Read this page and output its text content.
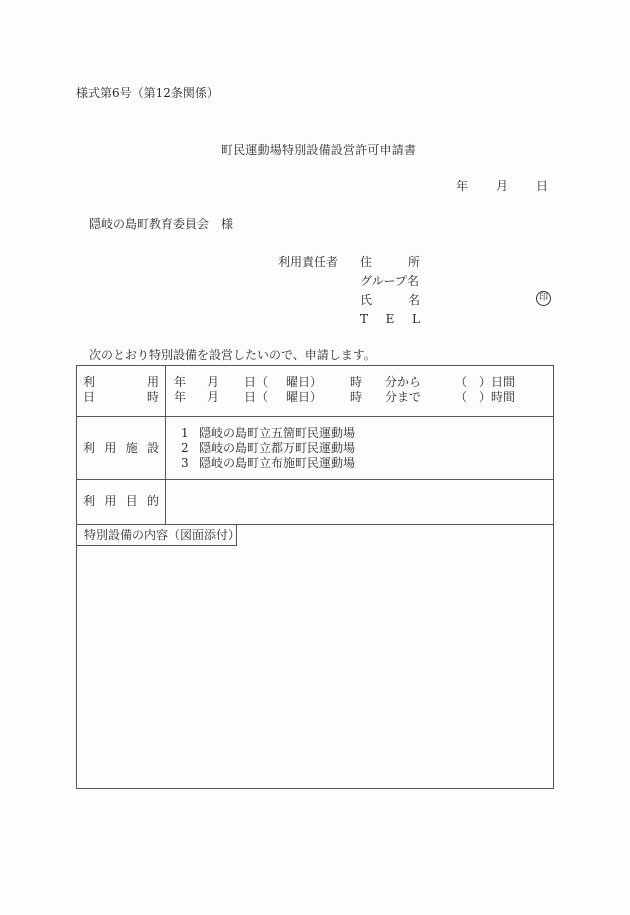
様式第6号（第12条関係）
町民運動場特別設備設営許可申請書
年 月 日
隠岐の島町教育委員会 様
利用責任者 住	所
グループ名
氏	名
T E L
印
次のとおり特別設備を設営したいので、申請します。
利	用
日	時
年	月	日（	曜日）	時	分から	（ ）日間
年	月	日（	曜日）	時	分まで	（ ）時間
利 用 施 設
1 隠岐の島町立五箇町民運動場
2 隠岐の島町立都万町民運動場
3 隠岐の島町立布施町民運動場
利 用 目 的
特別設備の内容（図面添付）
